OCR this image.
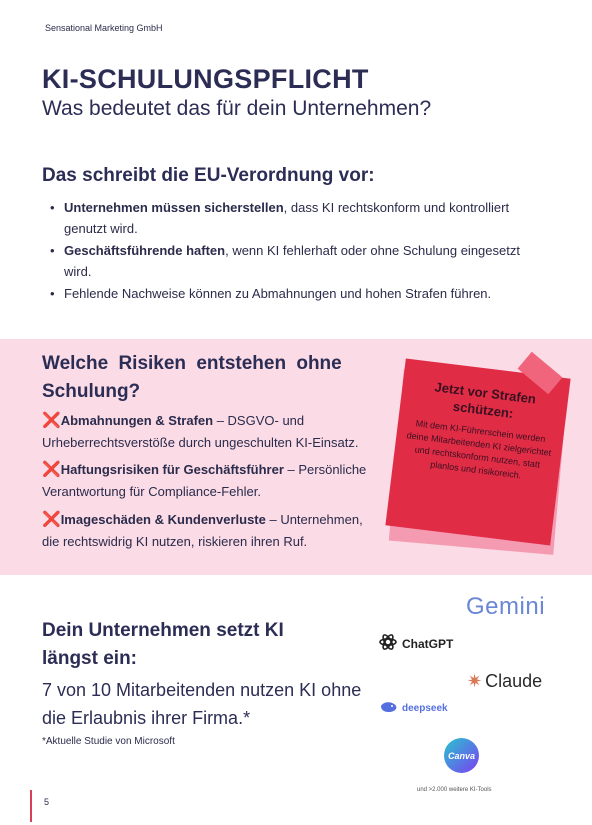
Sensational Marketing GmbH
KI-SCHULUNGSPFLICHT
Was bedeutet das für dein Unternehmen?
Das schreibt die EU-Verordnung vor:
• Unternehmen müssen sicherstellen, dass KI rechtskonform und kontrolliert genutzt wird.
• Geschäftsführende haften, wenn KI fehlerhaft oder ohne Schulung eingesetzt wird.
• Fehlende Nachweise können zu Abmahnungen und hohen Strafen führen.
Welche Risiken entstehen ohne Schulung?
❌Abmahnungen & Strafen – DSGVO- und Urheberrechtsverstöße durch ungeschulten KI-Einsatz.
❌Haftungsrisiken für Geschäftsführer – Persönliche Verantwortung für Compliance-Fehler.
❌Imageschäden & Kundenverluste – Unternehmen, die rechtswidrig KI nutzen, riskieren ihren Ruf.
Jetzt vor Strafen schützen:
Mit dem KI-Führerschein werden deine Mitarbeitenden KI zielgerichtet und rechtskonform nutzen, statt planlos und risikoreich.
Dein Unternehmen setzt KI längst ein:
7 von 10 Mitarbeitenden nutzen KI ohne die Erlaubnis ihrer Firma.*
*Aktuelle Studie von Microsoft
Gemini
ChatGPT
✷ Claude
deepseek
Canva
und >2.000 weitere KI-Tools
5
